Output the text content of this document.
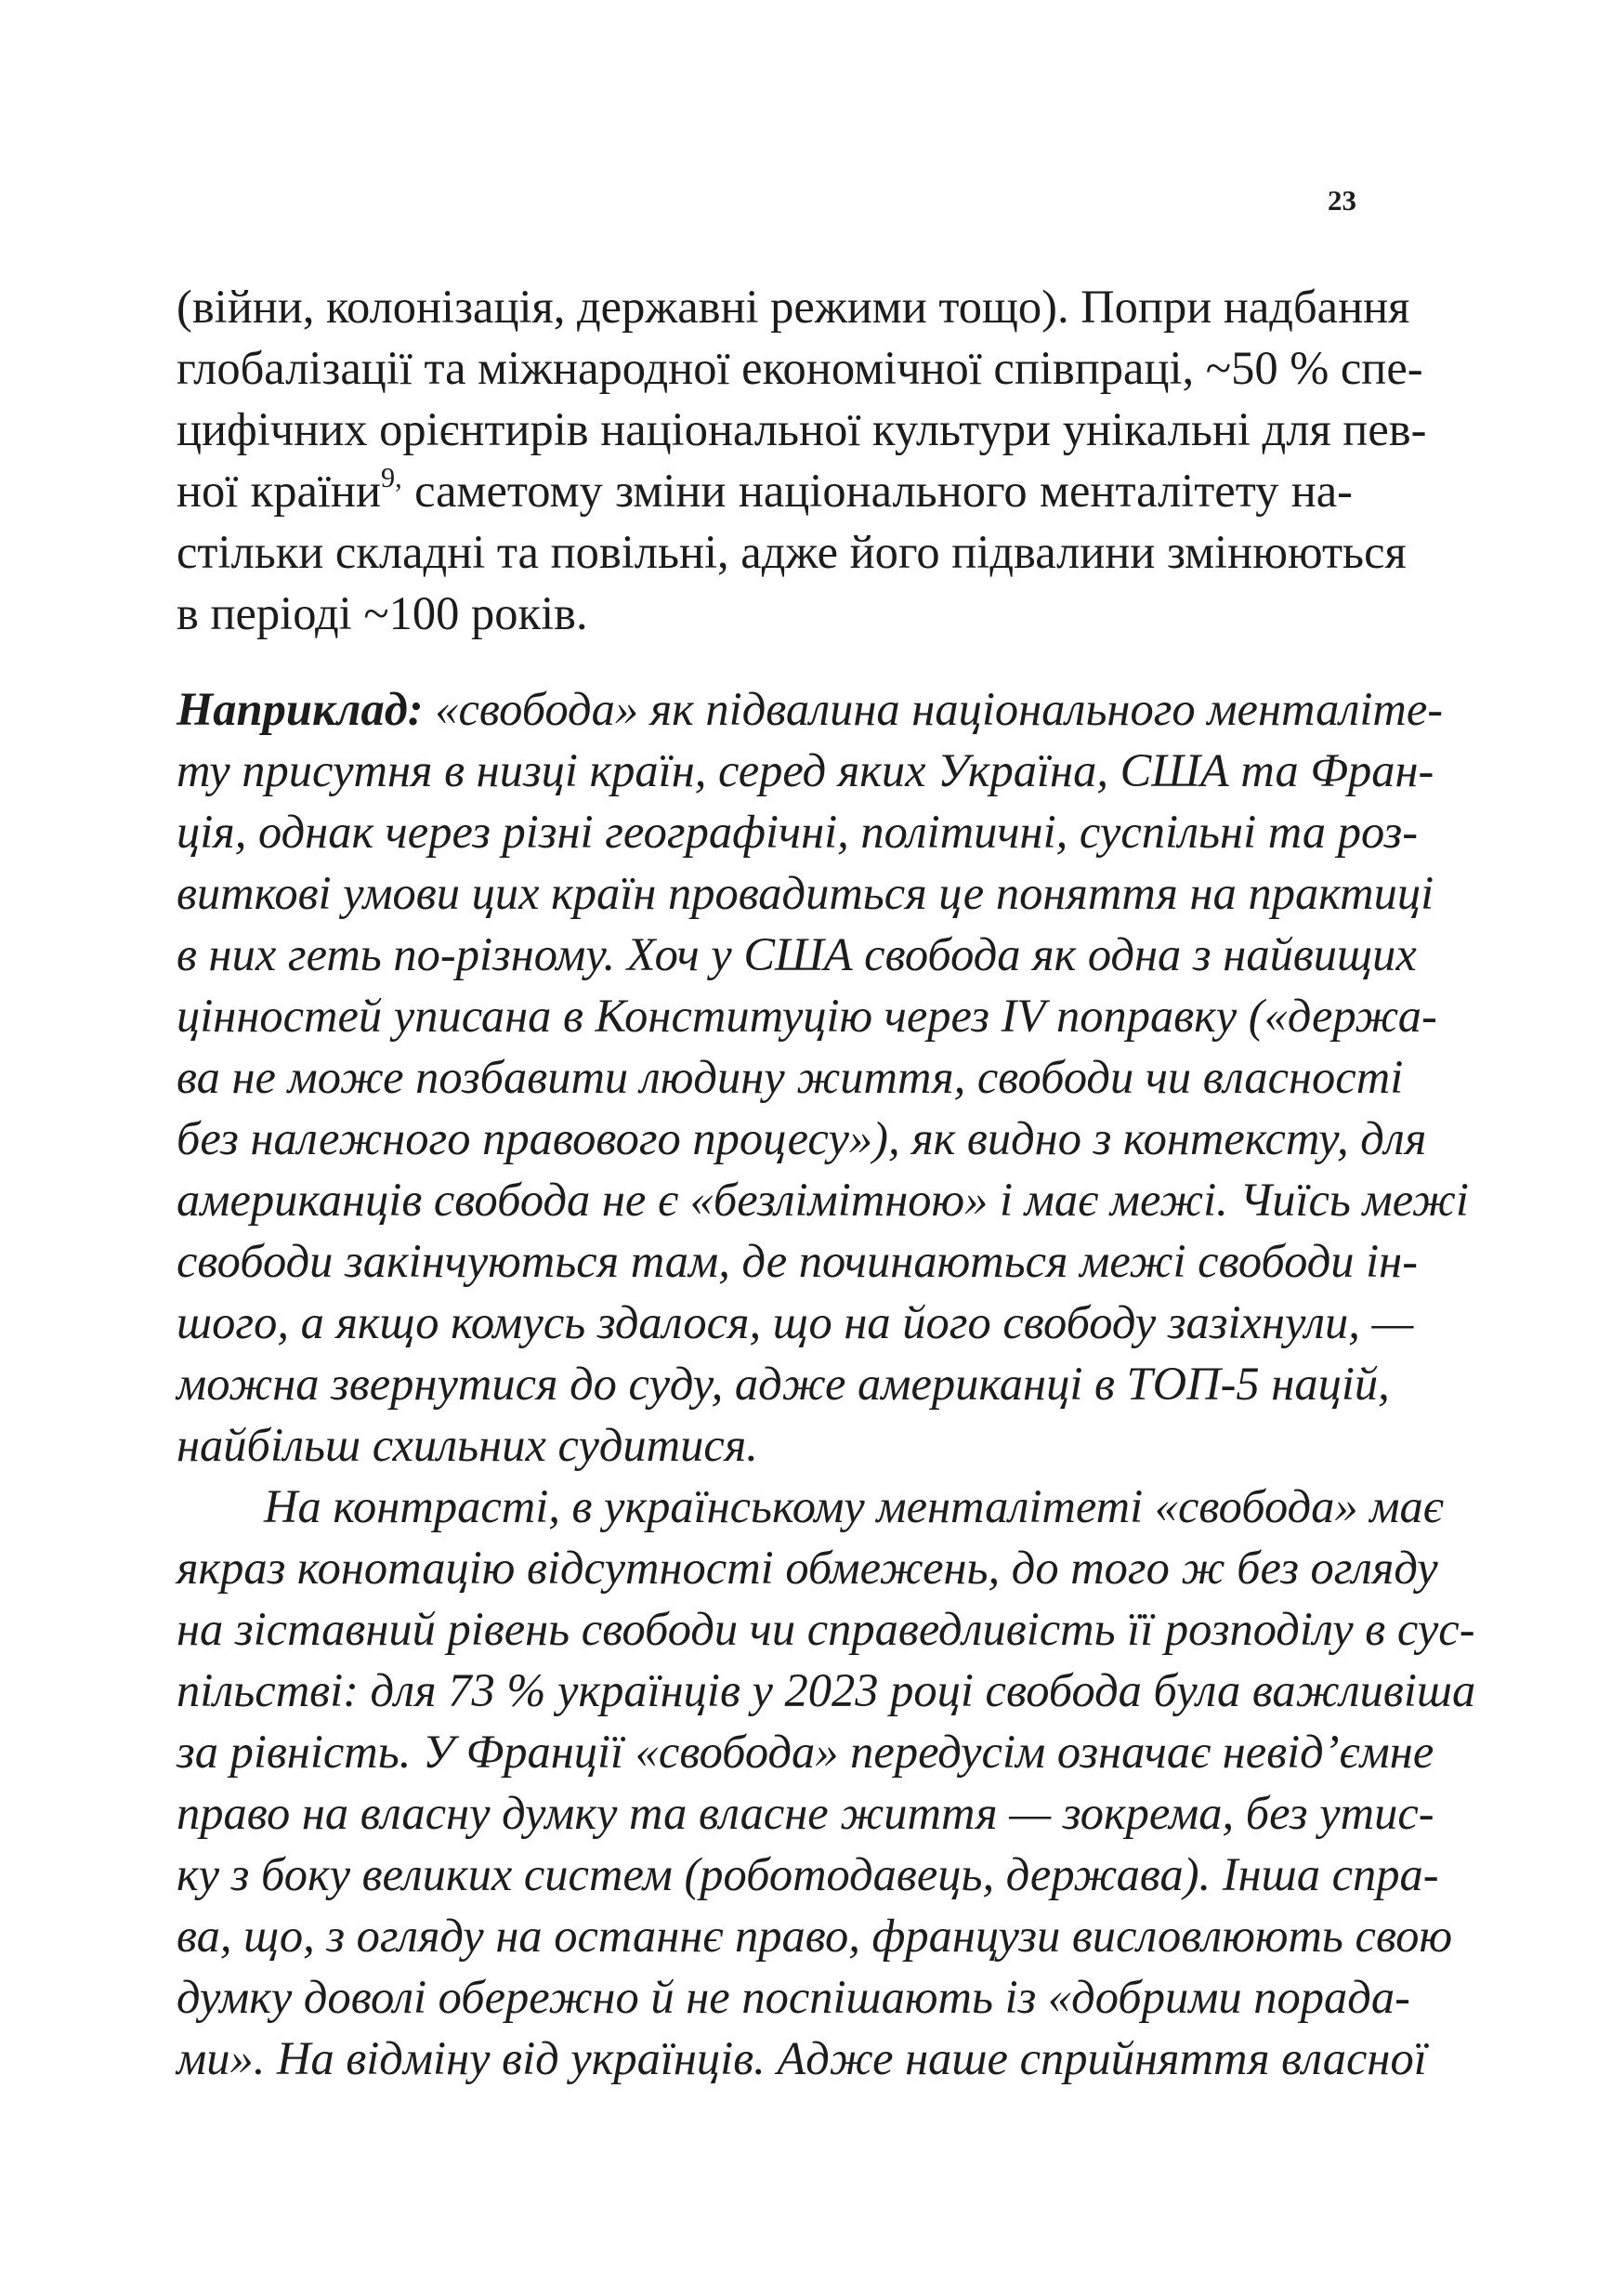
23
(війни, колонізація, державні режими тощо). Попри надбання
глобалізації та міжнародної економічної співпраці, ~50 % спе-
цифічних орієнтирів національної культури унікальні для пев-
ної країни$^{9,}$ саметому зміни національного менталітету на-
стільки складні та повільні, адже його підвалини змінюються
в періоді ~100 років.
Наприклад: «свобода» як підвалина національного менталіте-
ту присутня в низці країн, серед яких Україна, США та Фран-
ція, однак через різні географічні, політичні, суспільні та роз-
виткові умови цих країн провадиться це поняття на практиці
в них геть по-різному. Хоч у США свобода як одна з найвищих
цінностей уписана в Конституцію через IV поправку («держа-
ва не може позбавити людину життя, свободи чи власності
без належного правового процесу»), як видно з контексту, для
американців свобода не є «безлімітною» і має межі. Чиїсь межі
свободи закінчуються там, де починаються межі свободи ін-
шого, а якщо комусь здалося, що на його свободу зазіхнули, —
можна звернутися до суду, адже американці в ТОП-5 націй,
найбільш схильних судитися.
На контрасті, в українському менталітеті «свобода» має
якраз конотацію відсутності обмежень, до того ж без огляду
на зіставний рівень свободи чи справедливість її розподілу в сус-
пільстві: для 73 % українців у 2023 році свобода була важливіша
за рівність. У Франції «свобода» передусім означає невід’ємне
право на власну думку та власне життя — зокрема, без утис-
ку з боку великих систем (роботодавець, держава). Інша спра-
ва, що, з огляду на останнє право, французи висловлюють свою
думку доволі обережно й не поспішають із «добрими порада-
ми». На відміну від українців. Адже наше сприйняття власної
